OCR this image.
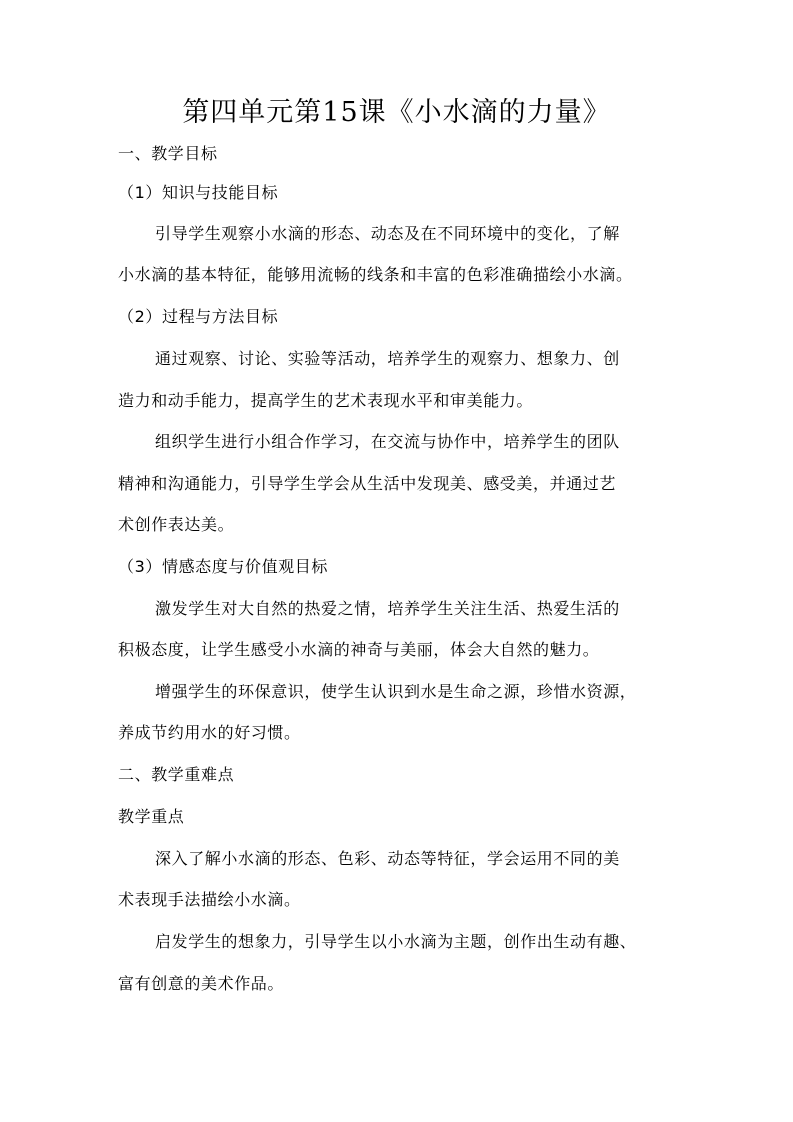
第四单元第15课《小水滴的力量》
一、教学目标
（1）知识与技能目标
引导学生观察小水滴的形态、动态及在不同环境中的变化，了解
小水滴的基本特征，能够用流畅的线条和丰富的色彩准确描绘小水滴。
（2）过程与方法目标
通过观察、讨论、实验等活动，培养学生的观察力、想象力、创
造力和动手能力，提高学生的艺术表现水平和审美能力。
组织学生进行小组合作学习，在交流与协作中，培养学生的团队
精神和沟通能力，引导学生学会从生活中发现美、感受美，并通过艺
术创作表达美。
（3）情感态度与价值观目标
激发学生对大自然的热爱之情，培养学生关注生活、热爱生活的
积极态度，让学生感受小水滴的神奇与美丽，体会大自然的魅力。
增强学生的环保意识，使学生认识到水是生命之源，珍惜水资源，
养成节约用水的好习惯。
二、教学重难点
教学重点
深入了解小水滴的形态、色彩、动态等特征，学会运用不同的美
术表现手法描绘小水滴。
启发学生的想象力，引导学生以小水滴为主题，创作出生动有趣、
富有创意的美术作品。
